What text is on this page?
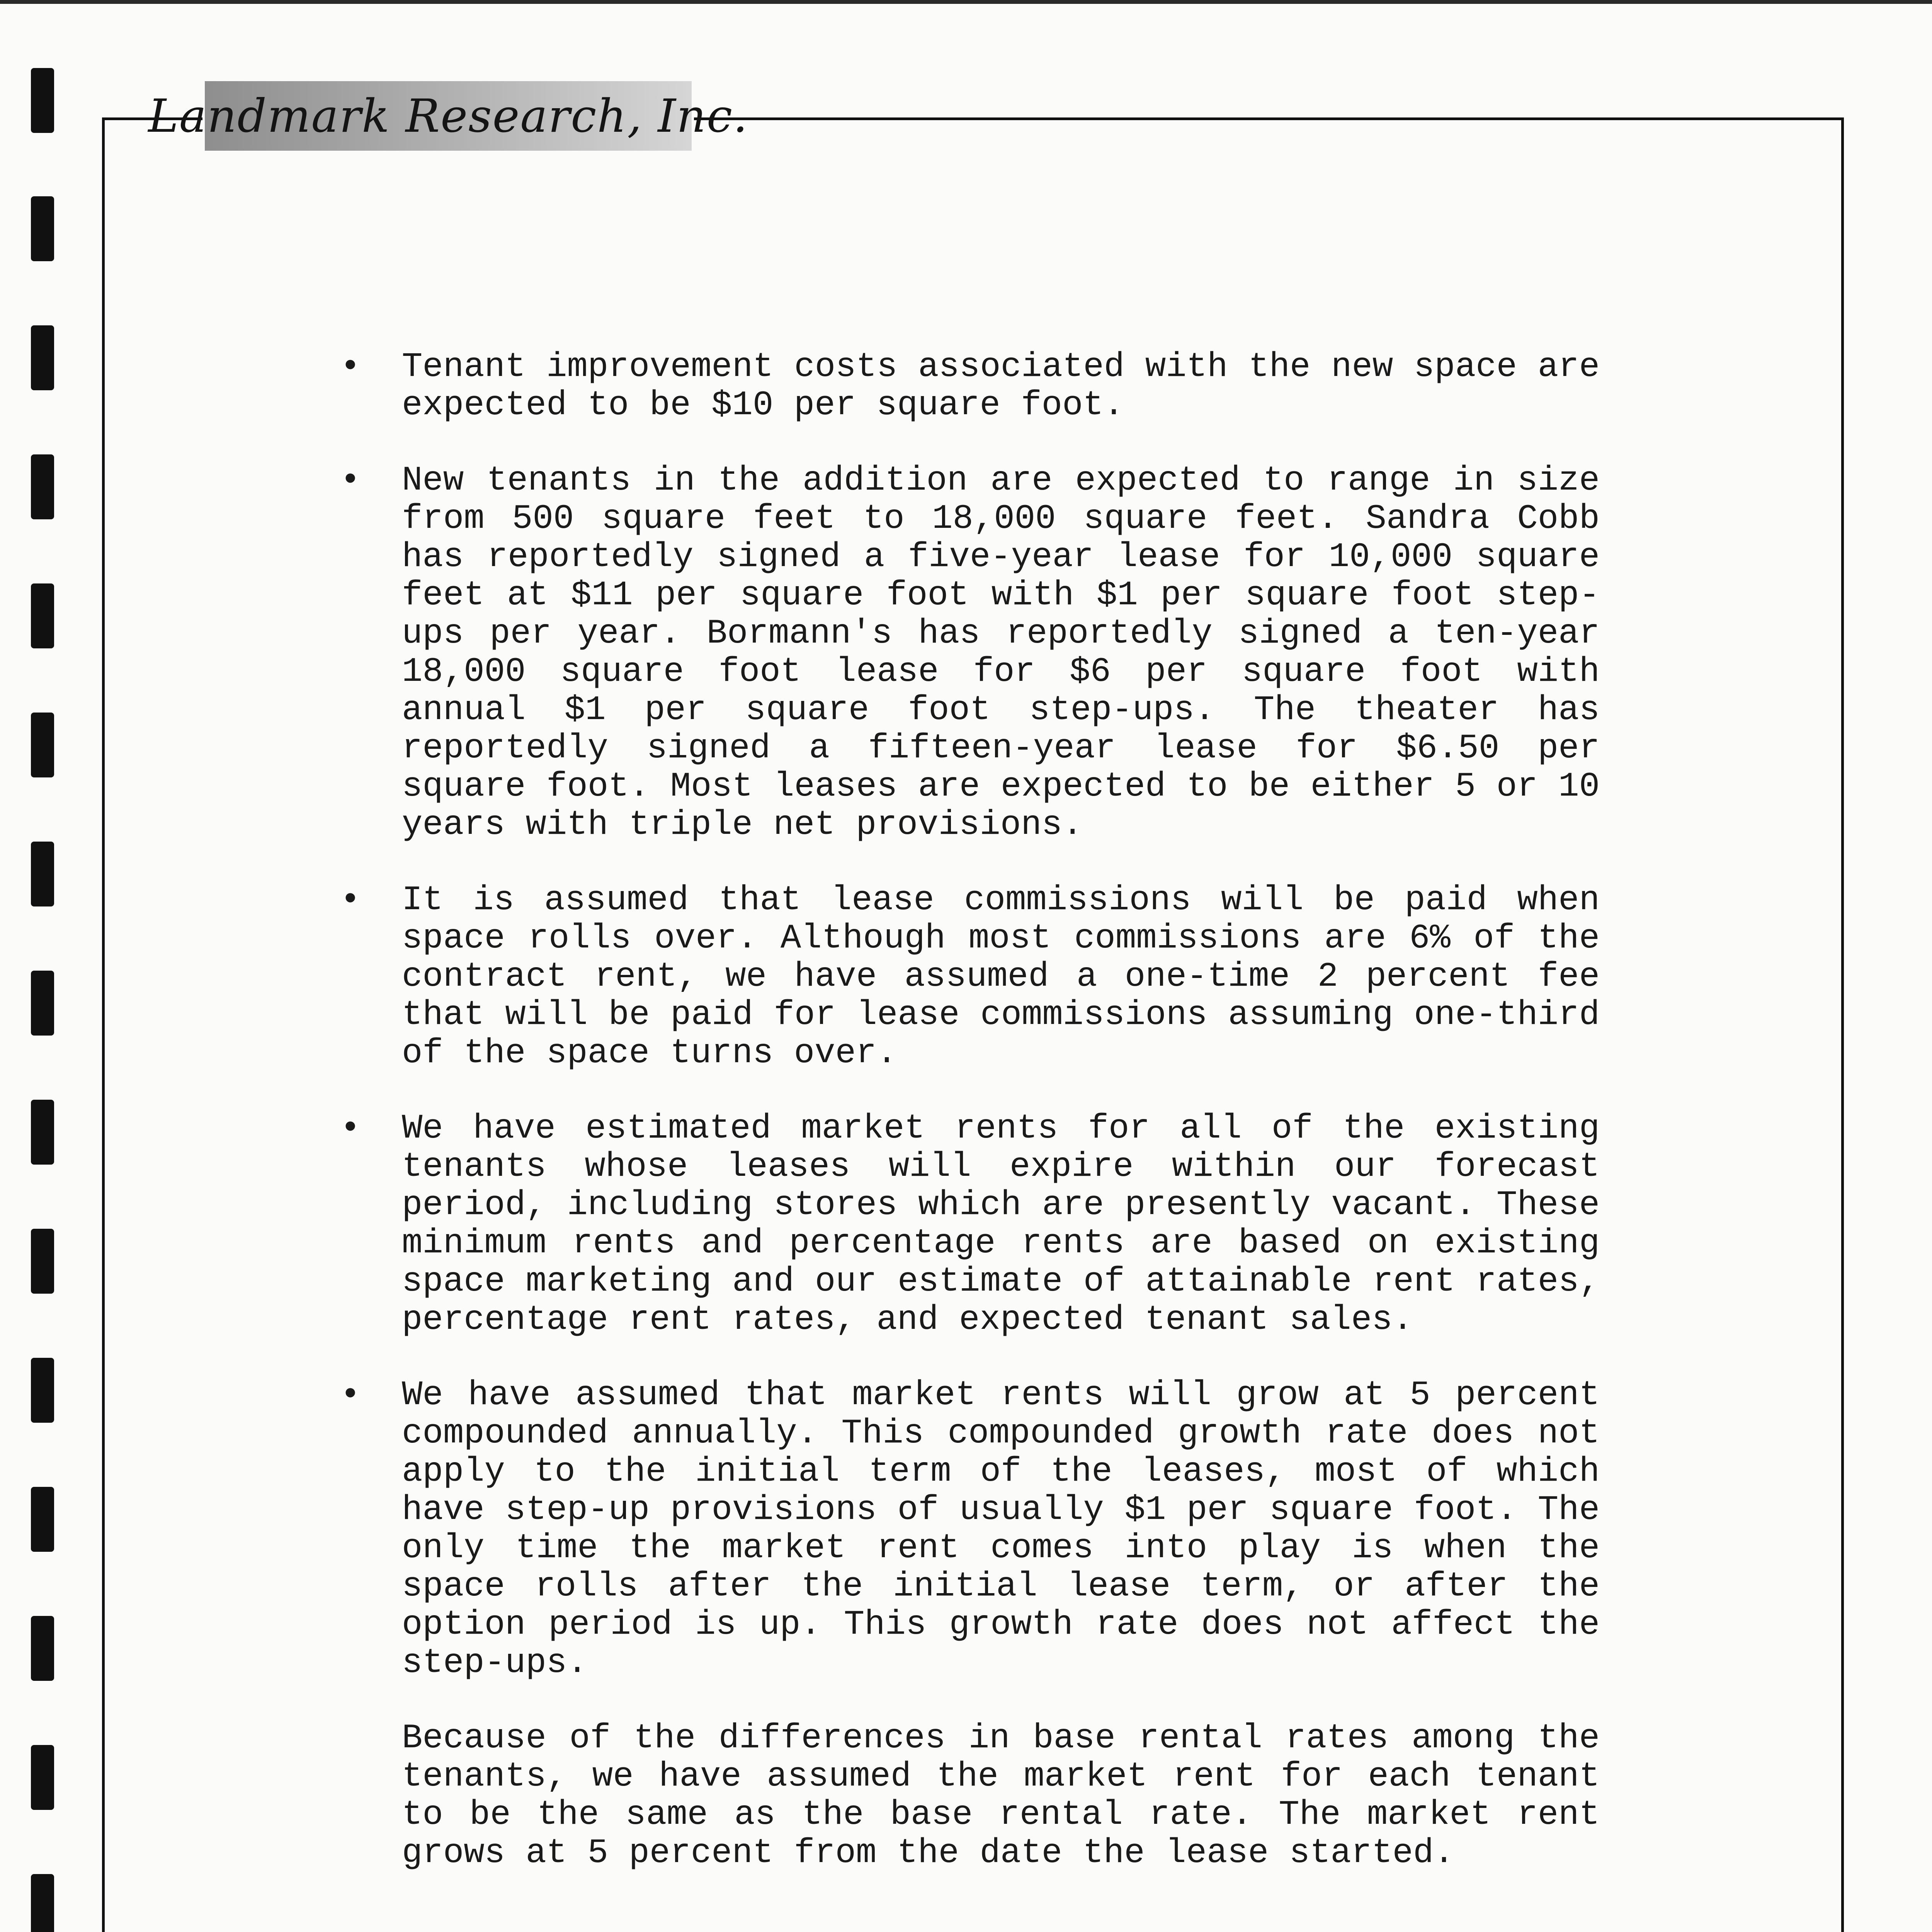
Landmark Research, Inc.
• Tenant improvement costs associated with the new space are expected to be $10 per square foot.
• New tenants in the addition are expected to range in size from 500 square feet to 18,000 square feet. Sandra Cobb has reportedly signed a five-year lease for 10,000 square feet at $11 per square foot with $1 per square foot step-ups per year. Bormann's has reportedly signed a ten-year 18,000 square foot lease for $6 per square foot with annual $1 per square foot step-ups. The theater has reportedly signed a fifteen-year lease for $6.50 per square foot. Most leases are expected to be either 5 or 10 years with triple net provisions.
• It is assumed that lease commissions will be paid when space rolls over. Although most commissions are 6% of the contract rent, we have assumed a one-time 2 percent fee that will be paid for lease commissions assuming one-third of the space turns over.
• We have estimated market rents for all of the existing tenants whose leases will expire within our forecast period, including stores which are presently vacant. These minimum rents and percentage rents are based on existing space marketing and our estimate of attainable rent rates, percentage rent rates, and expected tenant sales.
• We have assumed that market rents will grow at 5 percent compounded annually. This compounded growth rate does not apply to the initial term of the leases, most of which have step-up provisions of usually $1 per square foot. The only time the market rent comes into play is when the space rolls after the initial lease term, or after the option period is up. This growth rate does not affect the step-ups.
Because of the differences in base rental rates among the tenants, we have assumed the market rent for each tenant to be the same as the base rental rate. The market rent grows at 5 percent from the date the lease started.
